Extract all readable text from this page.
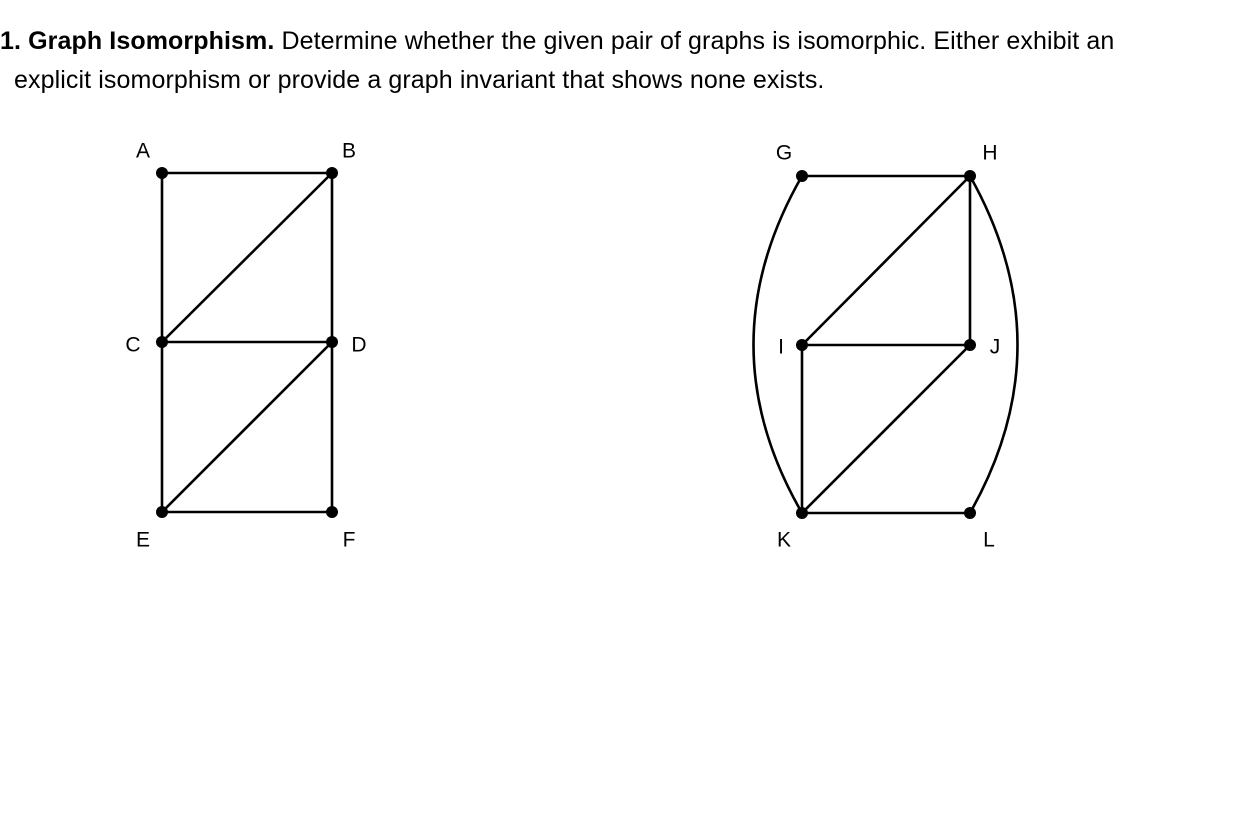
1. Graph Isomorphism. Determine whether the given pair of graphs is isomorphic. Either exhibit an
explicit isomorphism or provide a graph invariant that shows none exists.
A	B
C	D
E	F
G	H
I	J
K	L
